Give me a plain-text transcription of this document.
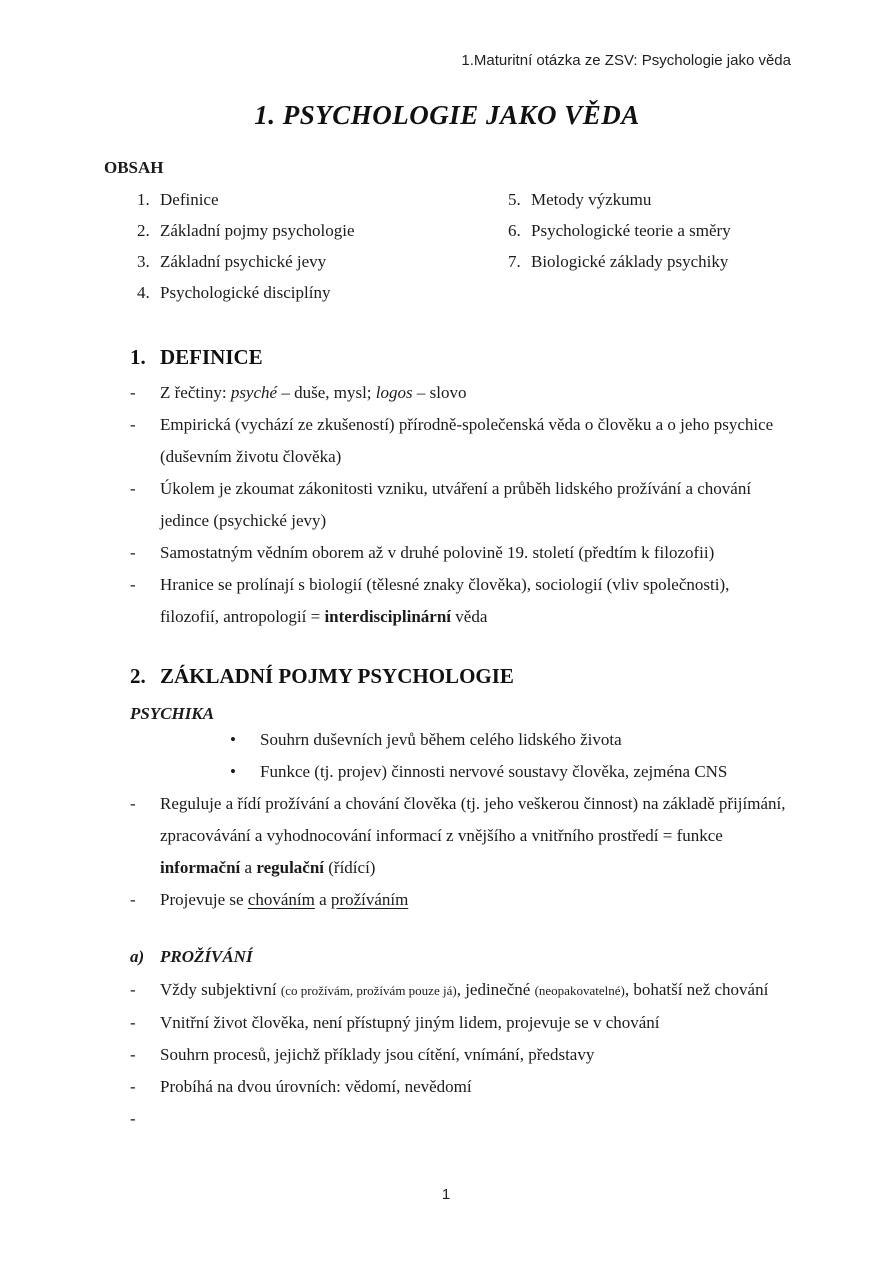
1.Maturitní otázka ze ZSV: Psychologie jako věda
1. PSYCHOLOGIE JAKO VĚDA
OBSAH
1. Definice
2. Základní pojmy psychologie
3. Základní psychické jevy
4. Psychologické disciplíny
5. Metody výzkumu
6. Psychologické teorie a směry
7. Biologické základy psychiky
1. DEFINICE
-	Z řečtiny: psyché – duše, mysl; logos – slovo
-	Empirická (vychází ze zkušeností) přírodně-společenská věda o člověku a o jeho psychice (duševním životu člověka)
-	Úkolem je zkoumat zákonitosti vzniku, utváření a průběh lidského prožívání a chování jedince (psychické jevy)
-	Samostatným vědním oborem až v druhé polovině 19. století (předtím k filozofii)
-	Hranice se prolínají s biologií (tělesné znaky člověka), sociologií (vliv společnosti), filozofií, antropologií = interdisciplinární věda
2. ZÁKLADNÍ POJMY PSYCHOLOGIE
PSYCHIKA
•	Souhrn duševních jevů během celého lidského života
•	Funkce (tj. projev) činnosti nervové soustavy člověka, zejména CNS
-	Reguluje a řídí prožívání a chování člověka (tj. jeho veškerou činnost) na základě přijímání, zpracovávání a vyhodnocování informací z vnějšího a vnitřního prostředí = funkce informační a regulační (řídící)
-	Projevuje se chováním a prožíváním
a) PROŽÍVÁNÍ
-	Vždy subjektivní (co prožívám, prožívám pouze já), jedinečné (neopakovatelné), bohatší než chování
-	Vnitřní život člověka, není přístupný jiným lidem, projevuje se v chování
-	Souhrn procesů, jejichž příklady jsou cítění, vnímání, představy
-	Probíhá na dvou úrovních: vědomí, nevědomí
-
1
